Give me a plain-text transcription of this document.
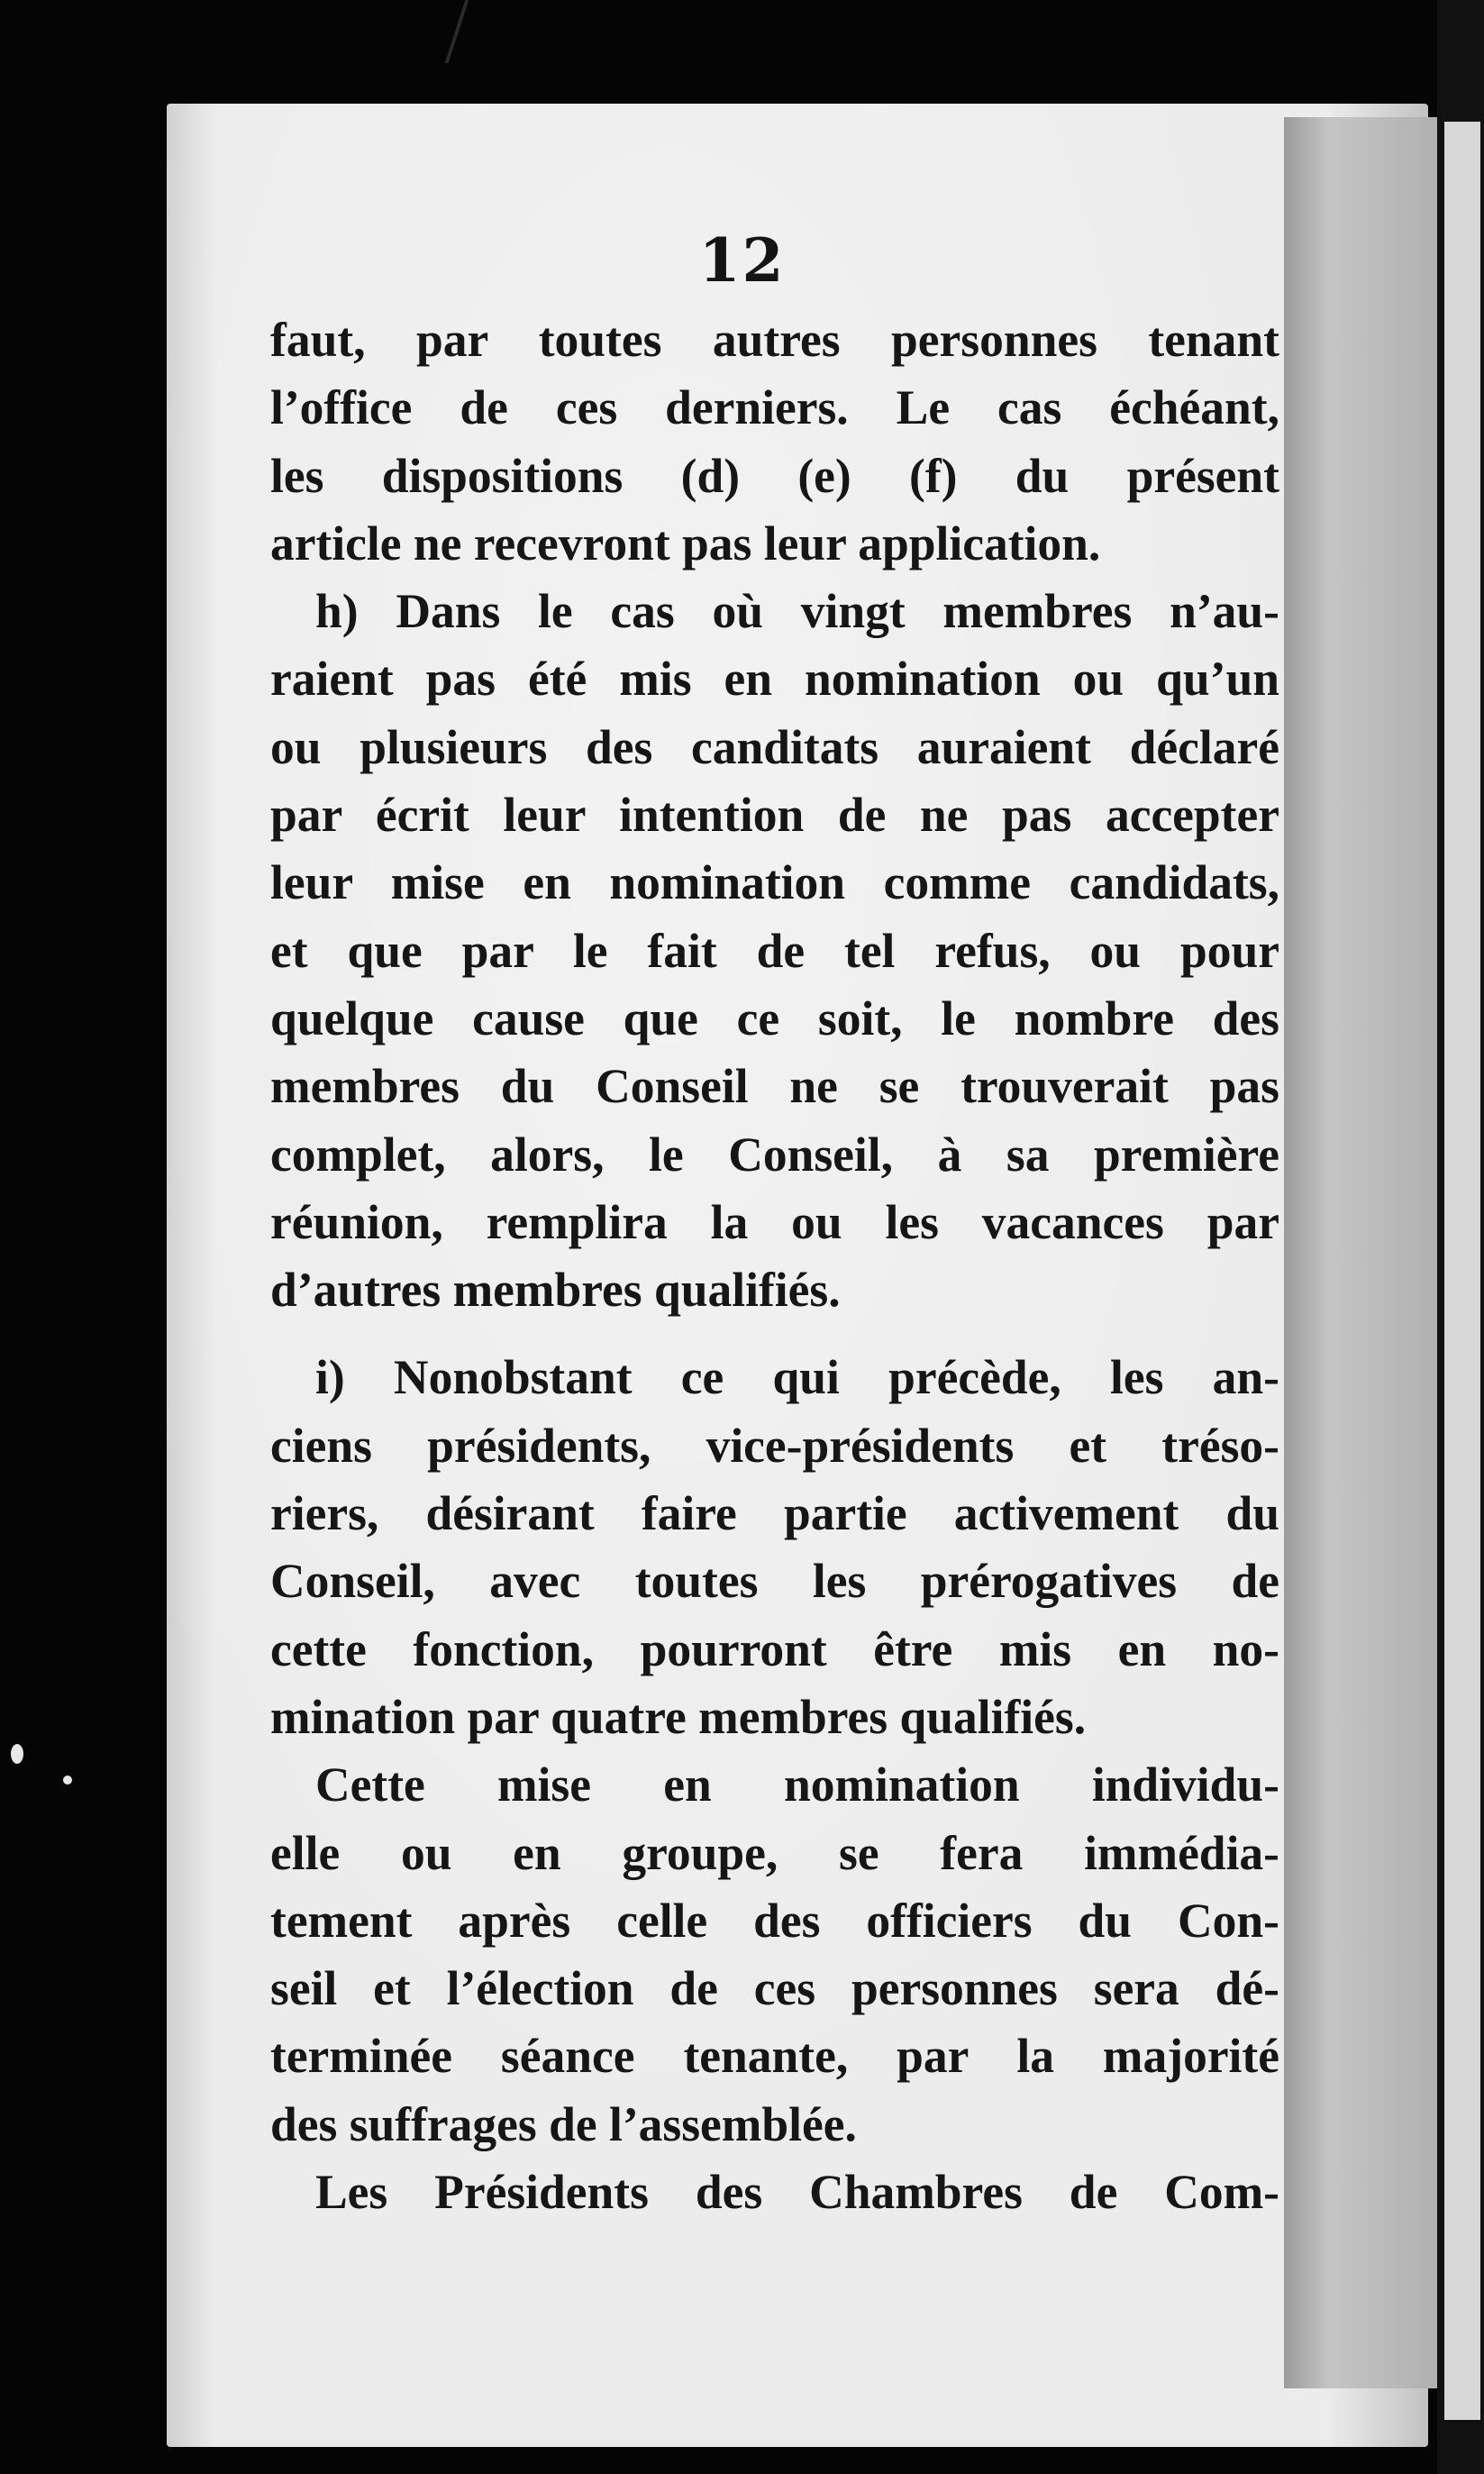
12
faut, par toutes autres personnes tenant
l’office de ces derniers. Le cas échéant,
les dispositions (d) (e) (f) du présent
article ne recevront pas leur application.
h) Dans le cas où vingt membres n’au-
raient pas été mis en nomination ou qu’un
ou plusieurs des canditats auraient déclaré
par écrit leur intention de ne pas accepter
leur mise en nomination comme candidats,
et que par le fait de tel refus, ou pour
quelque cause que ce soit, le nombre des
membres du Conseil ne se trouverait pas
complet, alors, le Conseil, à sa première
réunion, remplira la ou les vacances par
d’autres membres qualifiés.
i) Nonobstant ce qui précède, les an-
ciens présidents, vice-présidents et tréso-
riers, désirant faire partie activement du
Conseil, avec toutes les prérogatives de
cette fonction, pourront être mis en no-
mination par quatre membres qualifiés.
Cette mise en nomination individu-
elle ou en groupe, se fera immédia-
tement après celle des officiers du Con-
seil et l’élection de ces personnes sera dé-
terminée séance tenante, par la majorité
des suffrages de l’assemblée.
Les Présidents des Chambres de Com-
